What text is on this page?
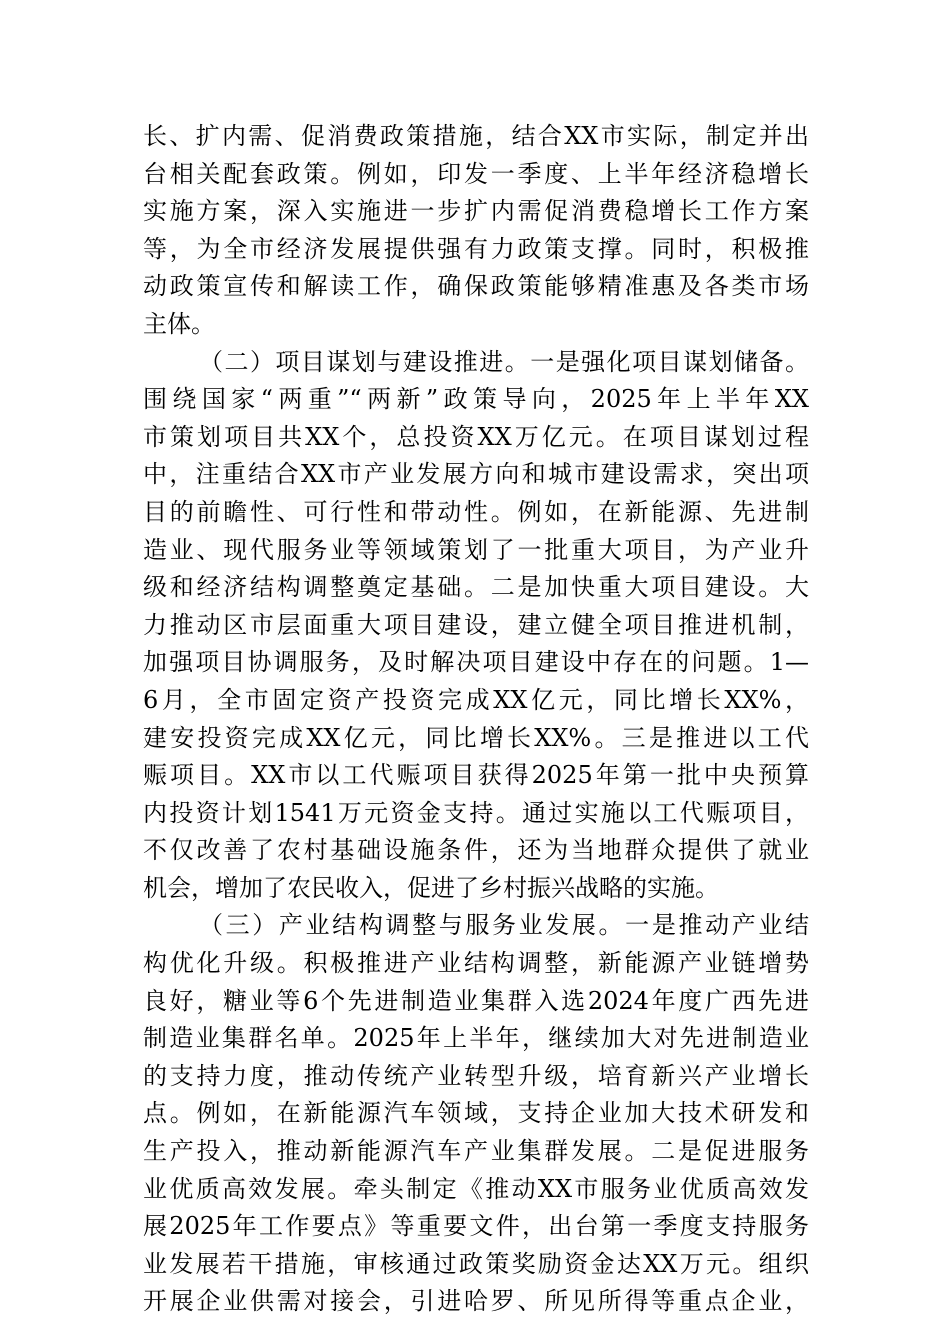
长、扩内需、促消费政策措施，结合XX市实际，制定并出
台相关配套政策。例如，印发一季度、上半年经济稳增长
实施方案，深入实施进一步扩内需促消费稳增长工作方案
等，为全市经济发展提供强有力政策支撑。同时，积极推
动政策宣传和解读工作，确保政策能够精准惠及各类市场
主体。
（二）项目谋划与建设推进。一是强化项目谋划储备。
围绕国家“两重”“两新”政策导向，2025年上半年XX
市策划项目共XX个，总投资XX万亿元。在项目谋划过程
中，注重结合XX市产业发展方向和城市建设需求，突出项
目的前瞻性、可行性和带动性。例如，在新能源、先进制
造业、现代服务业等领域策划了一批重大项目，为产业升
级和经济结构调整奠定基础。二是加快重大项目建设。大
力推动区市层面重大项目建设，建立健全项目推进机制，
加强项目协调服务，及时解决项目建设中存在的问题。1—
6月，全市固定资产投资完成XX亿元，同比增长XX%，
建安投资完成XX亿元，同比增长XX%。三是推进以工代
赈项目。XX市以工代赈项目获得2025年第一批中央预算
内投资计划1541万元资金支持。通过实施以工代赈项目，
不仅改善了农村基础设施条件，还为当地群众提供了就业
机会，增加了农民收入，促进了乡村振兴战略的实施。
（三）产业结构调整与服务业发展。一是推动产业结
构优化升级。积极推进产业结构调整，新能源产业链增势
良好，糖业等6个先进制造业集群入选2024年度广西先进
制造业集群名单。2025年上半年，继续加大对先进制造业
的支持力度，推动传统产业转型升级，培育新兴产业增长
点。例如，在新能源汽车领域，支持企业加大技术研发和
生产投入，推动新能源汽车产业集群发展。二是促进服务
业优质高效发展。牵头制定《推动XX市服务业优质高效发
展2025年工作要点》等重要文件，出台第一季度支持服务
业发展若干措施，审核通过政策奖励资金达XX万元。组织
开展企业供需对接会，引进哈罗、所见所得等重点企业，
